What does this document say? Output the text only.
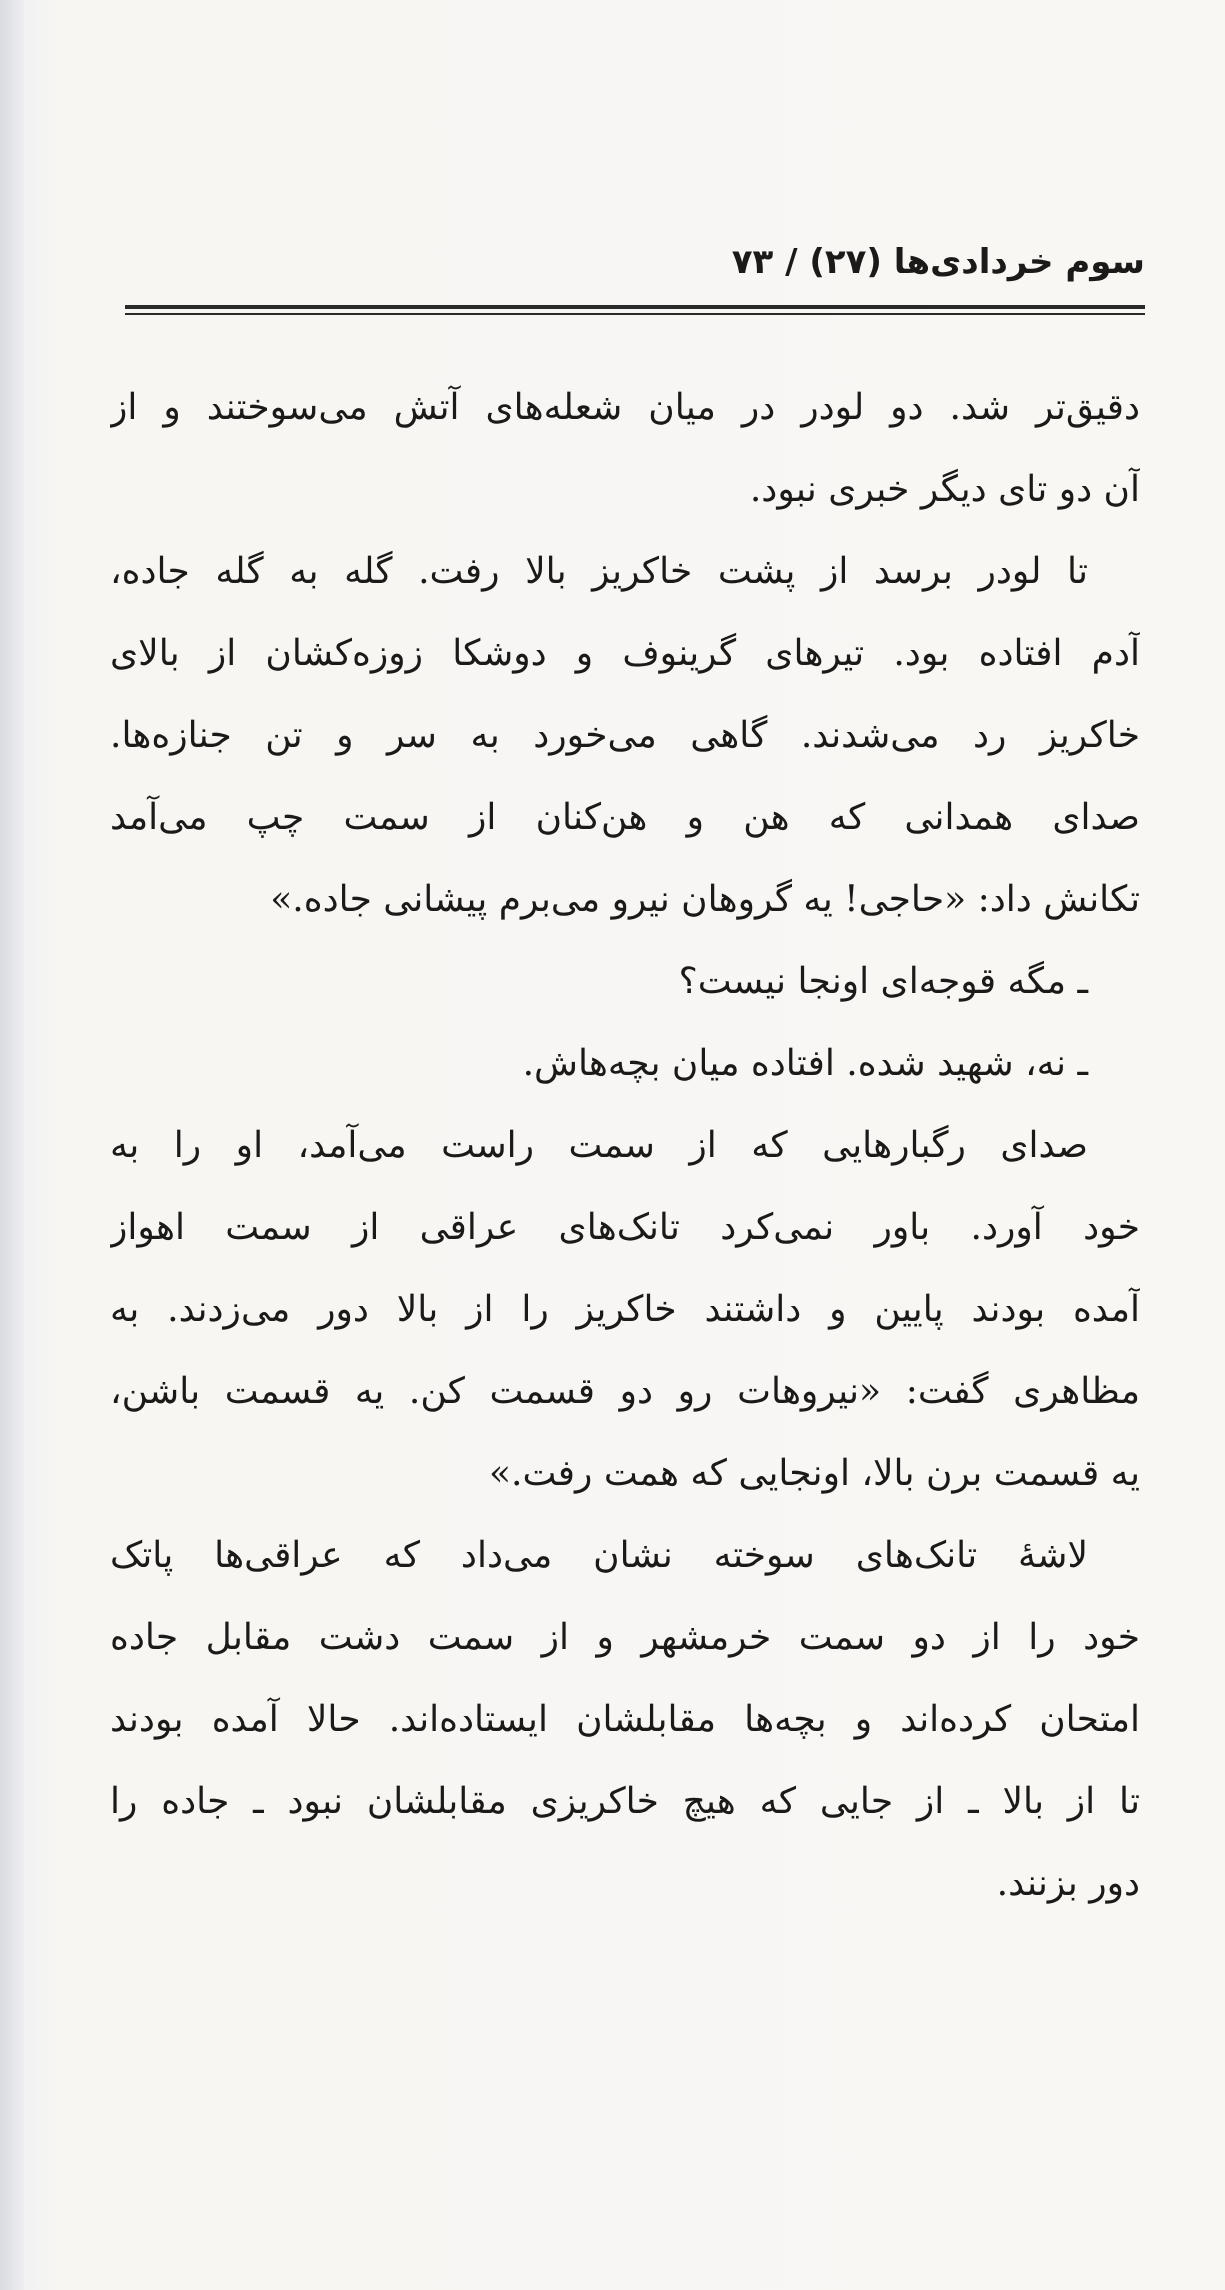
سوم خردادی‌ها (۲۷) / ۷۳
دقیق‌تر شد. دو لودر در میان شعله‌های آتش می‌سوختند و از
آن دو تای دیگر خبری نبود.
تا لودر برسد از پشت خاکریز بالا رفت. گله به گله جاده،
آدم افتاده بود. تیرهای گرینوف و دوشکا زوزه‌کشان از بالای
خاکریز رد می‌شدند. گاهی می‌خورد به سر و تن جنازه‌ها.
صدای همدانی که هن و هن‌کنان از سمت چپ می‌آمد
تکانش داد: «حاجی! یه گروهان نیرو می‌برم پیشانی جاده.»
ـ مگه قوجه‌ای اونجا نیست؟
ـ نه، شهید شده. افتاده میان بچه‌هاش.
صدای رگبارهایی که از سمت راست می‌آمد، او را به
خود آورد. باور نمی‌کرد تانک‌های عراقی از سمت اهواز
آمده بودند پایین و داشتند خاکریز را از بالا دور می‌زدند. به
مظاهری گفت: «نیروهات رو دو قسمت کن. یه قسمت باشن،
یه قسمت برن بالا، اونجایی که همت رفت.»
لاشهٔ تانک‌های سوخته نشان می‌داد که عراقی‌ها پاتک
خود را از دو سمت خرمشهر و از سمت دشت مقابل جاده
امتحان کرده‌اند و بچه‌ها مقابلشان ایستاده‌اند. حالا آمده بودند
تا از بالا ـ از جایی که هیچ خاکریزی مقابلشان نبود ـ جاده را
دور بزنند.
